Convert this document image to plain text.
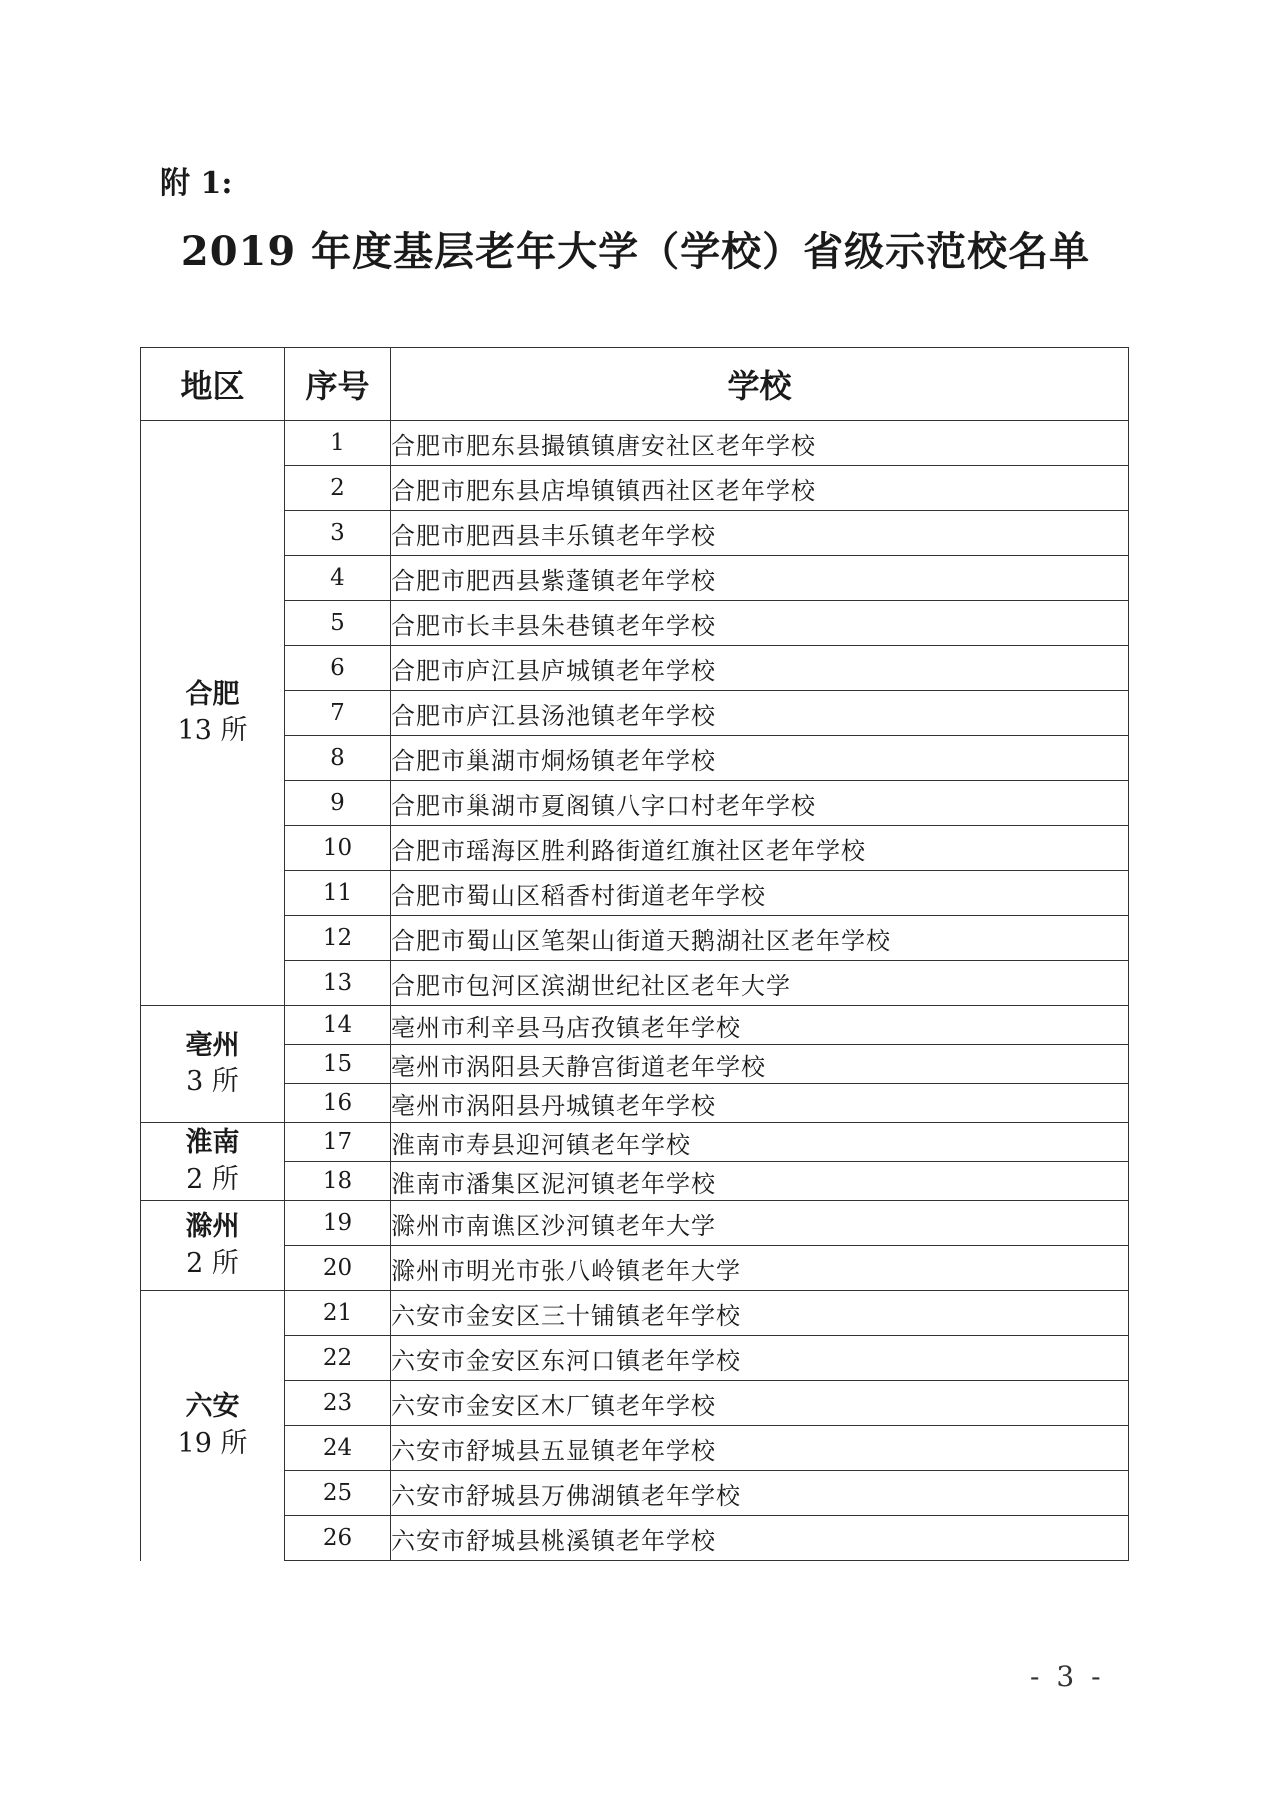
附 1:
2019 年度基层老年大学（学校）省级示范校名单
地区	序号	学校

合肥
13 所	1	合肥市肥东县撮镇镇唐安社区老年学校
	2	合肥市肥东县店埠镇镇西社区老年学校
	3	合肥市肥西县丰乐镇老年学校
	4	合肥市肥西县紫蓬镇老年学校
	5	合肥市长丰县朱巷镇老年学校
	6	合肥市庐江县庐城镇老年学校
	7	合肥市庐江县汤池镇老年学校
	8	合肥市巢湖市烔炀镇老年学校
	9	合肥市巢湖市夏阁镇八字口村老年学校
	10	合肥市瑶海区胜利路街道红旗社区老年学校
	11	合肥市蜀山区稻香村街道老年学校
	12	合肥市蜀山区笔架山街道天鹅湖社区老年学校
	13	合肥市包河区滨湖世纪社区老年大学

亳州
3 所	14	亳州市利辛县马店孜镇老年学校
	15	亳州市涡阳县天静宫街道老年学校
	16	亳州市涡阳县丹城镇老年学校

淮南
2 所	17	淮南市寿县迎河镇老年学校
	18	淮南市潘集区泥河镇老年学校

滁州
2 所	19	滁州市南谯区沙河镇老年大学
	20	滁州市明光市张八岭镇老年大学

六安
19 所	21	六安市金安区三十铺镇老年学校
	22	六安市金安区东河口镇老年学校
	23	六安市金安区木厂镇老年学校
	24	六安市舒城县五显镇老年学校
	25	六安市舒城县万佛湖镇老年学校
	26	六安市舒城县桃溪镇老年学校
- 3 -
